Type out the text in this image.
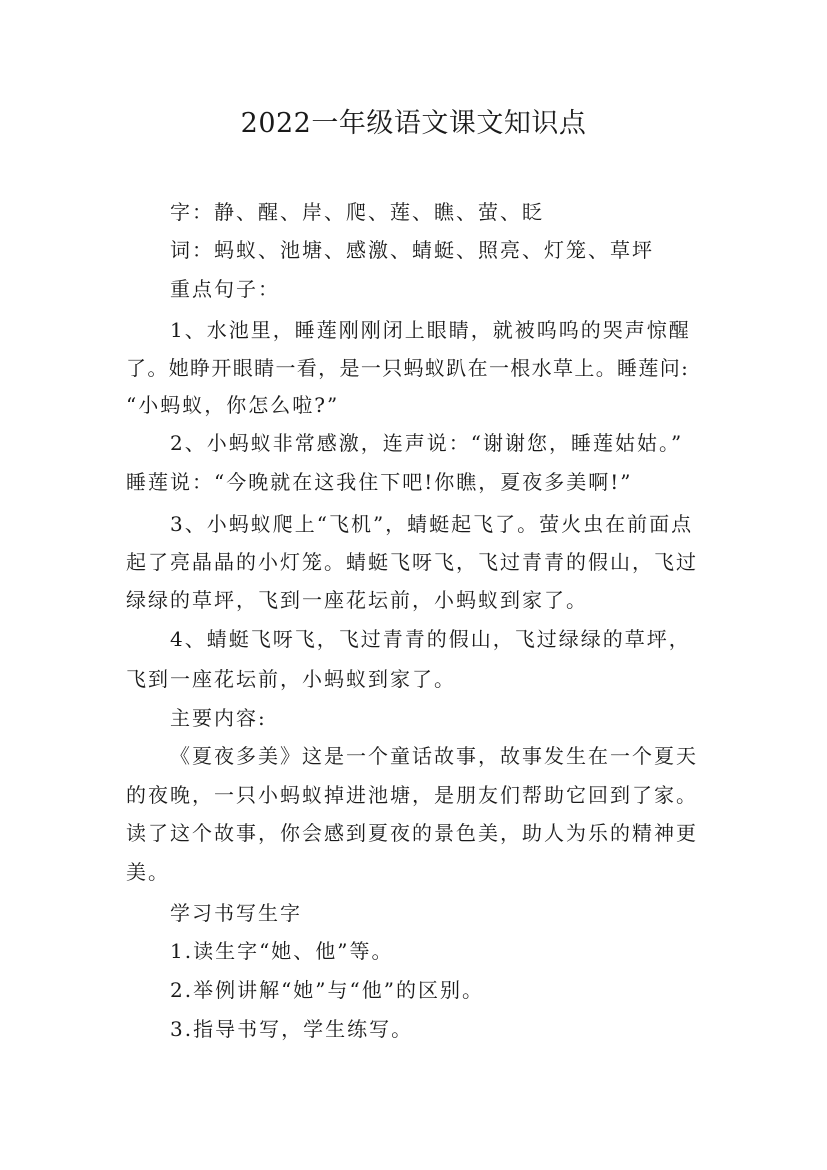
2022一年级语文课文知识点
字：静、醒、岸、爬、莲、瞧、萤、眨
词：蚂蚁、池塘、感激、蜻蜓、照亮、灯笼、草坪
重点句子：
1、水池里，睡莲刚刚闭上眼睛，就被呜呜的哭声惊醒
了。她睁开眼睛一看，是一只蚂蚁趴在一根水草上。睡莲问:
“小蚂蚁，你怎么啦?”
2、小蚂蚁非常感激，连声说：“谢谢您，睡莲姑姑。”
睡莲说：“今晚就在这我住下吧!你瞧，夏夜多美啊!”
3、小蚂蚁爬上“飞机”，蜻蜓起飞了。萤火虫在前面点
起了亮晶晶的小灯笼。蜻蜓飞呀飞，飞过青青的假山，飞过
绿绿的草坪，飞到一座花坛前，小蚂蚁到家了。
4、蜻蜓飞呀飞，飞过青青的假山，飞过绿绿的草坪，
飞到一座花坛前，小蚂蚁到家了。
主要内容:
《夏夜多美》这是一个童话故事，故事发生在一个夏天
的夜晚，一只小蚂蚁掉进池塘，是朋友们帮助它回到了家。
读了这个故事，你会感到夏夜的景色美，助人为乐的精神更
美。
学习书写生字
1.读生字“她、他”等。
2.举例讲解“她”与“他”的区别。
3.指导书写，学生练写。
